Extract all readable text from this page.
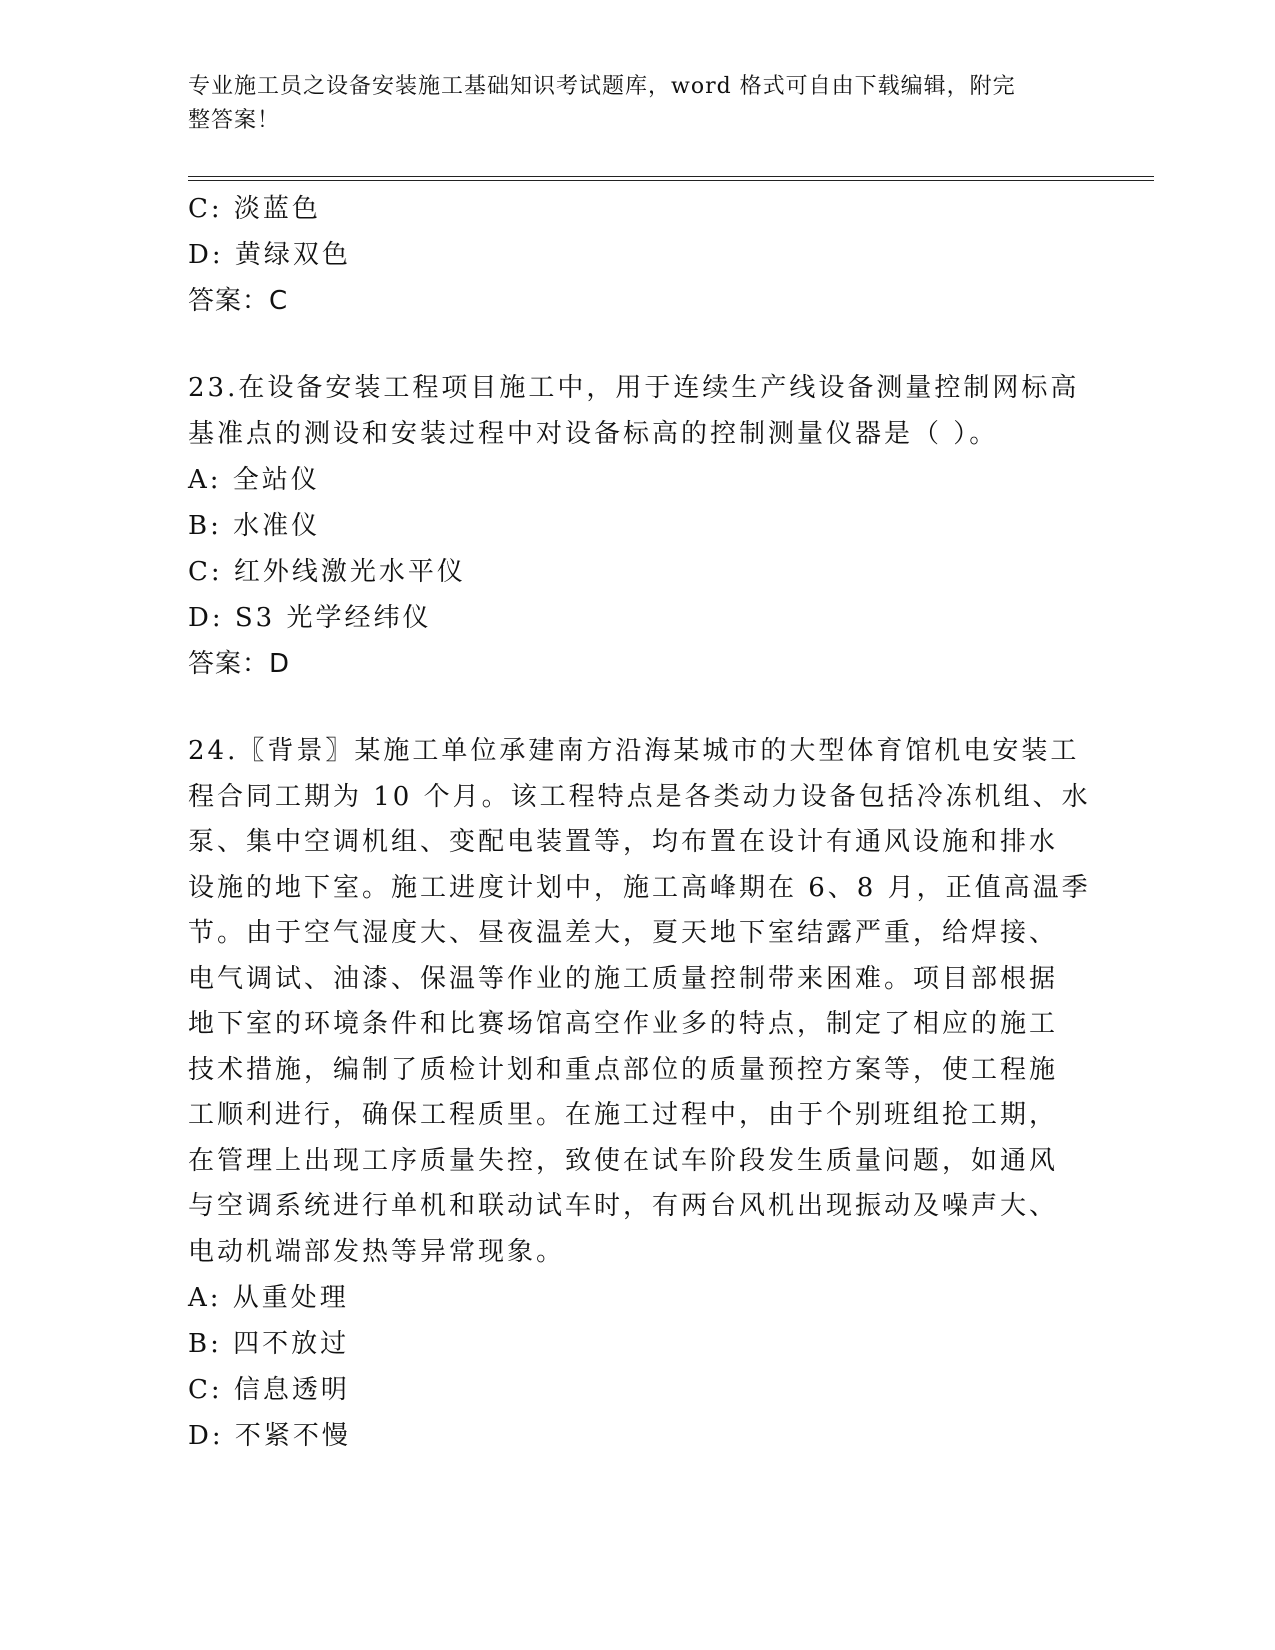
专业施工员之设备安装施工基础知识考试题库，word 格式可自由下载编辑，附完
整答案！
C: 淡蓝色
D: 黄绿双色
答案：C
23.在设备安装工程项目施工中，用于连续生产线设备测量控制网标高
基准点的测设和安装过程中对设备标高的控制测量仪器是（ ）。
A: 全站仪
B: 水准仪
C: 红外线激光水平仪
D: S3 光学经纬仪
答案：D
24.〖背景〗某施工单位承建南方沿海某城市的大型体育馆机电安装工
程合同工期为 10 个月。该工程特点是各类动力设备包括冷冻机组、水
泵、集中空调机组、变配电装置等，均布置在设计有通风设施和排水
设施的地下室。施工进度计划中，施工高峰期在 6、8 月，正值高温季
节。由于空气湿度大、昼夜温差大，夏天地下室结露严重，给焊接、
电气调试、油漆、保温等作业的施工质量控制带来困难。项目部根据
地下室的环境条件和比赛场馆高空作业多的特点，制定了相应的施工
技术措施，编制了质检计划和重点部位的质量预控方案等，使工程施
工顺利进行，确保工程质里。在施工过程中，由于个别班组抢工期，
在管理上出现工序质量失控，致使在试车阶段发生质量问题，如通风
与空调系统进行单机和联动试车时，有两台风机出现振动及噪声大、
电动机端部发热等异常现象。
A: 从重处理
B: 四不放过
C: 信息透明
D: 不紧不慢
